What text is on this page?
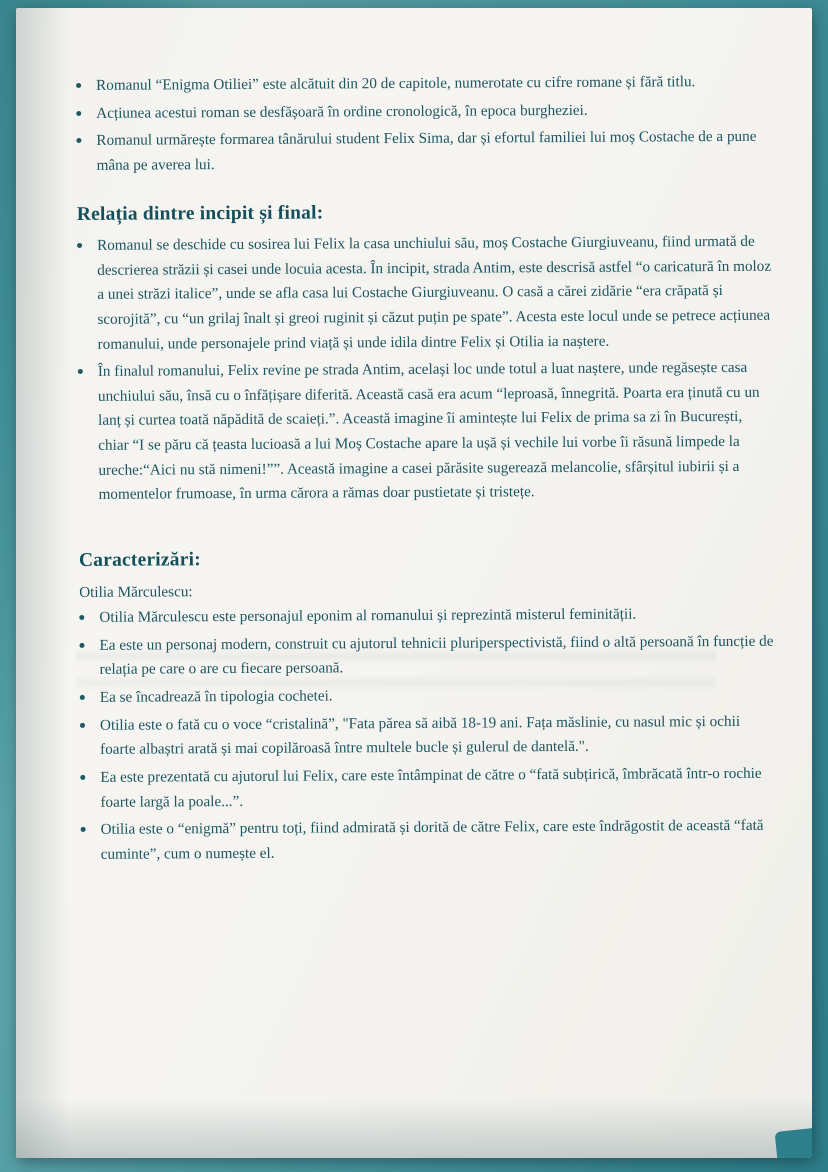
Romanul “Enigma Otiliei” este alcătuit din 20 de capitole, numerotate cu cifre romane și fără titlu.
Acțiunea acestui roman se desfășoară în ordine cronologică, în epoca burgheziei.
Romanul urmărește formarea tânărului student Felix Sima, dar și efortul familiei lui moș Costache de a pune mâna pe averea lui.
Relația dintre incipit și final:
Romanul se deschide cu sosirea lui Felix la casa unchiului său, moș Costache Giurgiuveanu, fiind urmată de descrierea străzii și casei unde locuia acesta. În incipit, strada Antim, este descrisă astfel “o caricatură în moloz a unei străzi italice”, unde se afla casa lui Costache Giurgiuveanu. O casă a cărei zidărie “era crăpată și scorojită”, cu “un grilaj înalt și greoi ruginit și căzut puțin pe spate”. Acesta este locul unde se petrece acțiunea romanului, unde personajele prind viață și unde idila dintre Felix și Otilia ia naștere.
În finalul romanului, Felix revine pe strada Antim, același loc unde totul a luat naștere, unde regăsește casa unchiului său, însă cu o înfățișare diferită. Această casă era acum “leproasă, înnegrită. Poarta era ținută cu un lanț și curtea toată năpădită de scaieți.”. Această imagine îi amintește lui Felix de prima sa zi în București, chiar “I se păru că țeasta lucioasă a lui Moș Costache apare la ușă și vechile lui vorbe îi răsună limpede la ureche:“Aici nu stă nimeni!””. Această imagine a casei părăsite sugerează melancolie, sfârșitul iubirii și a momentelor frumoase, în urma cărora a rămas doar pustietate și tristețe.
Caracterizări:
Otilia Mărculescu:
Otilia Mărculescu este personajul eponim al romanului și reprezintă misterul feminității.
Ea este un personaj modern, construit cu ajutorul tehnicii pluriperspectivistă, fiind o altă persoană în funcție de relația pe care o are cu fiecare persoană.
Ea se încadrează în tipologia cochetei.
Otilia este o fată cu o voce “cristalină”, "Fata părea să aibă 18-19 ani. Fața măslinie, cu nasul mic și ochii foarte albaștri arată și mai copilăroasă între multele bucle și gulerul de dantelă.".
Ea este prezentată cu ajutorul lui Felix, care este întâmpinat de către o “fată subțirică, îmbrăcată într-o rochie foarte largă la poale...”.
Otilia este o “enigmă” pentru toți, fiind admirată și dorită de către Felix, care este îndrăgostit de această “fată cuminte”, cum o numește el.
